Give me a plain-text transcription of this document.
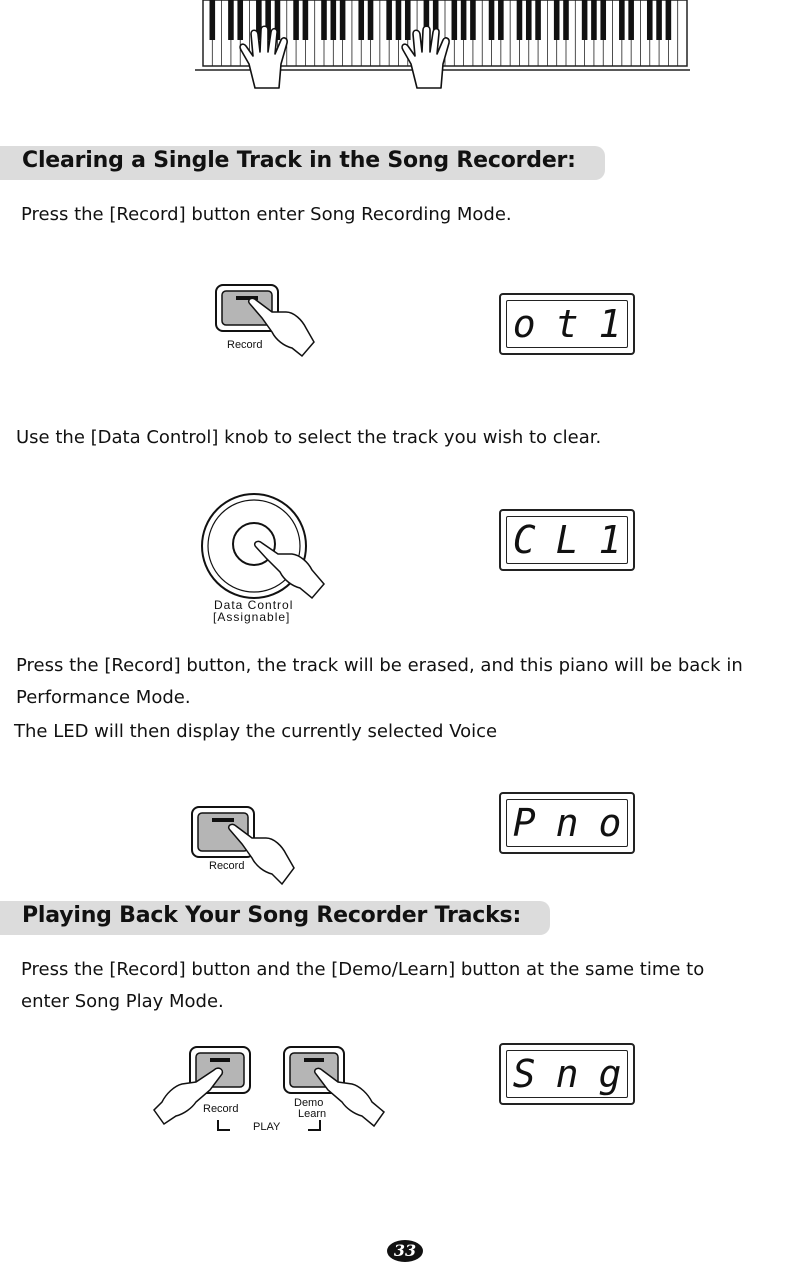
Clearing a Single Track in the Song Recorder:
Press the [Record] button enter Song Recording Mode.
Record	ot1
Use the [Data Control] knob to select the track you wish to clear.
Data Control
[Assignable]
CL1
Press the [Record] button, the track will be erased, and this piano will be back in
Performance Mode.
The LED will then display the currently selected Voice
Record
Pno
Playing Back Your Song Recorder Tracks:
Press the [Record] button and the [Demo/Learn] button at the same time to
enter Song Play Mode.
Record	Demo
Learn
PLAY
Sng
33
